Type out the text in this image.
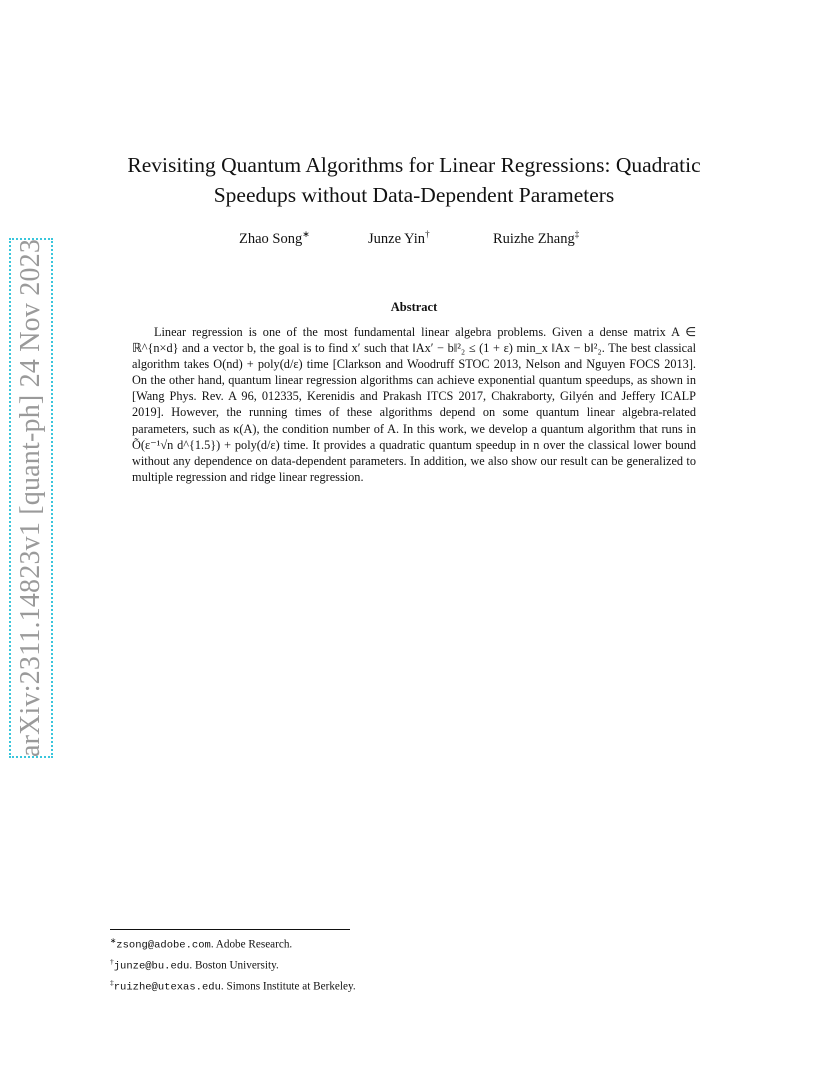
arXiv:2311.14823v1 [quant-ph] 24 Nov 2023
Revisiting Quantum Algorithms for Linear Regressions: Quadratic
Speedups without Data-Dependent Parameters
Zhao Song∗	Junze Yin†	Ruizhe Zhang‡
Abstract

Linear regression is one of the most fundamental linear algebra problems. Given a dense matrix A ∈ ℝ^{n×d} and a vector b, the goal is to find x′ such that ‖Ax′ − b‖²₂ ≤ (1 + ε) min_x ‖Ax − b‖²₂. The best classical algorithm takes O(nd) + poly(d/ε) time [Clarkson and Woodruff STOC 2013, Nelson and Nguyen FOCS 2013]. On the other hand, quantum linear regression algorithms can achieve exponential quantum speedups, as shown in [Wang Phys. Rev. A 96, 012335, Kerenidis and Prakash ITCS 2017, Chakraborty, Gilyén and Jeffery ICALP 2019]. However, the running times of these algorithms depend on some quantum linear algebra-related parameters, such as κ(A), the condition number of A. In this work, we develop a quantum algorithm that runs in Õ(ε⁻¹√n d^{1.5}) + poly(d/ε) time. It provides a quadratic quantum speedup in n over the classical lower bound without any dependence on data-dependent parameters. In addition, we also show our result can be generalized to multiple regression and ridge linear regression.

∗zsong@adobe.com. Adobe Research.
†junze@bu.edu. Boston University.
‡ruizhe@utexas.edu. Simons Institute at Berkeley.
